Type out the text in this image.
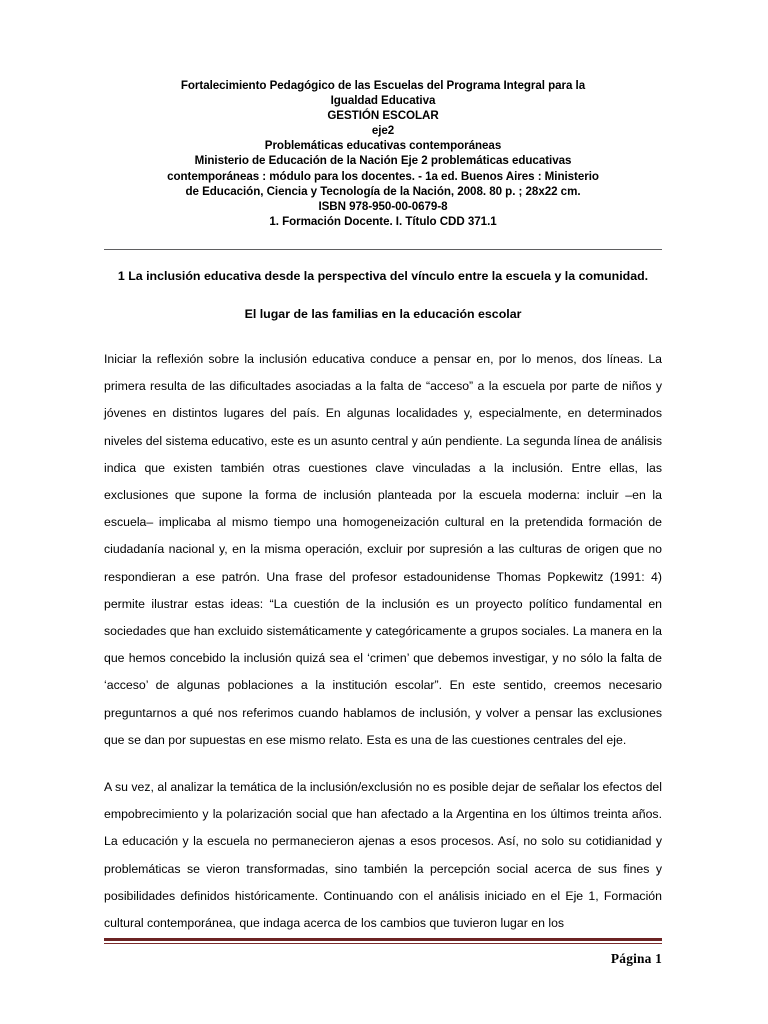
Fortalecimiento Pedagógico de las Escuelas del Programa Integral para la
Igualdad Educativa
GESTIÓN ESCOLAR
eje2
Problemáticas educativas contemporáneas
Ministerio de Educación de la Nación Eje 2 problemáticas educativas
contemporáneas : módulo para los docentes. - 1a ed. Buenos Aires : Ministerio
de Educación, Ciencia y Tecnología de la Nación, 2008. 80 p. ; 28x22 cm.
ISBN 978-950-00-0679-8
1. Formación Docente. I. Título CDD 371.1
1 La inclusión educativa desde la perspectiva del vínculo entre la escuela y la comunidad.
El lugar de las familias en la educación escolar

Iniciar la reflexión sobre la inclusión educativa conduce a pensar en, por lo menos, dos líneas. La primera resulta de las dificultades asociadas a la falta de “acceso” a la escuela por parte de niños y jóvenes en distintos lugares del país. En algunas localidades y, especialmente, en determinados niveles del sistema educativo, este es un asunto central y aún pendiente. La segunda línea de análisis indica que existen también otras cuestiones clave vinculadas a la inclusión. Entre ellas, las exclusiones que supone la forma de inclusión planteada por la escuela moderna: incluir –en la escuela– implicaba al mismo tiempo una homogeneización cultural en la pretendida formación de ciudadanía nacional y, en la misma operación, excluir por supresión a las culturas de origen que no respondieran a ese patrón. Una frase del profesor estadounidense Thomas Popkewitz (1991: 4) permite ilustrar estas ideas: “La cuestión de la inclusión es un proyecto político fundamental en sociedades que han excluido sistemáticamente y categóricamente a grupos sociales. La manera en la que hemos concebido la inclusión quizá sea el ‘crimen’ que debemos investigar, y no sólo la falta de ‘acceso’ de algunas poblaciones a la institución escolar”. En este sentido, creemos necesario preguntarnos a qué nos referimos cuando hablamos de inclusión, y volver a pensar las exclusiones que se dan por supuestas en ese mismo relato. Esta es una de las cuestiones centrales del eje.

A su vez, al analizar la temática de la inclusión/exclusión no es posible dejar de señalar los efectos del empobrecimiento y la polarización social que han afectado a la Argentina en los últimos treinta años. La educación y la escuela no permanecieron ajenas a esos procesos. Así, no solo su cotidianidad y problemáticas se vieron transformadas, sino también la percepción social acerca de sus fines y posibilidades definidos históricamente. Continuando con el análisis iniciado en el Eje 1, Formación cultural contemporánea, que indaga acerca de los cambios que tuvieron lugar en los

Página 1
